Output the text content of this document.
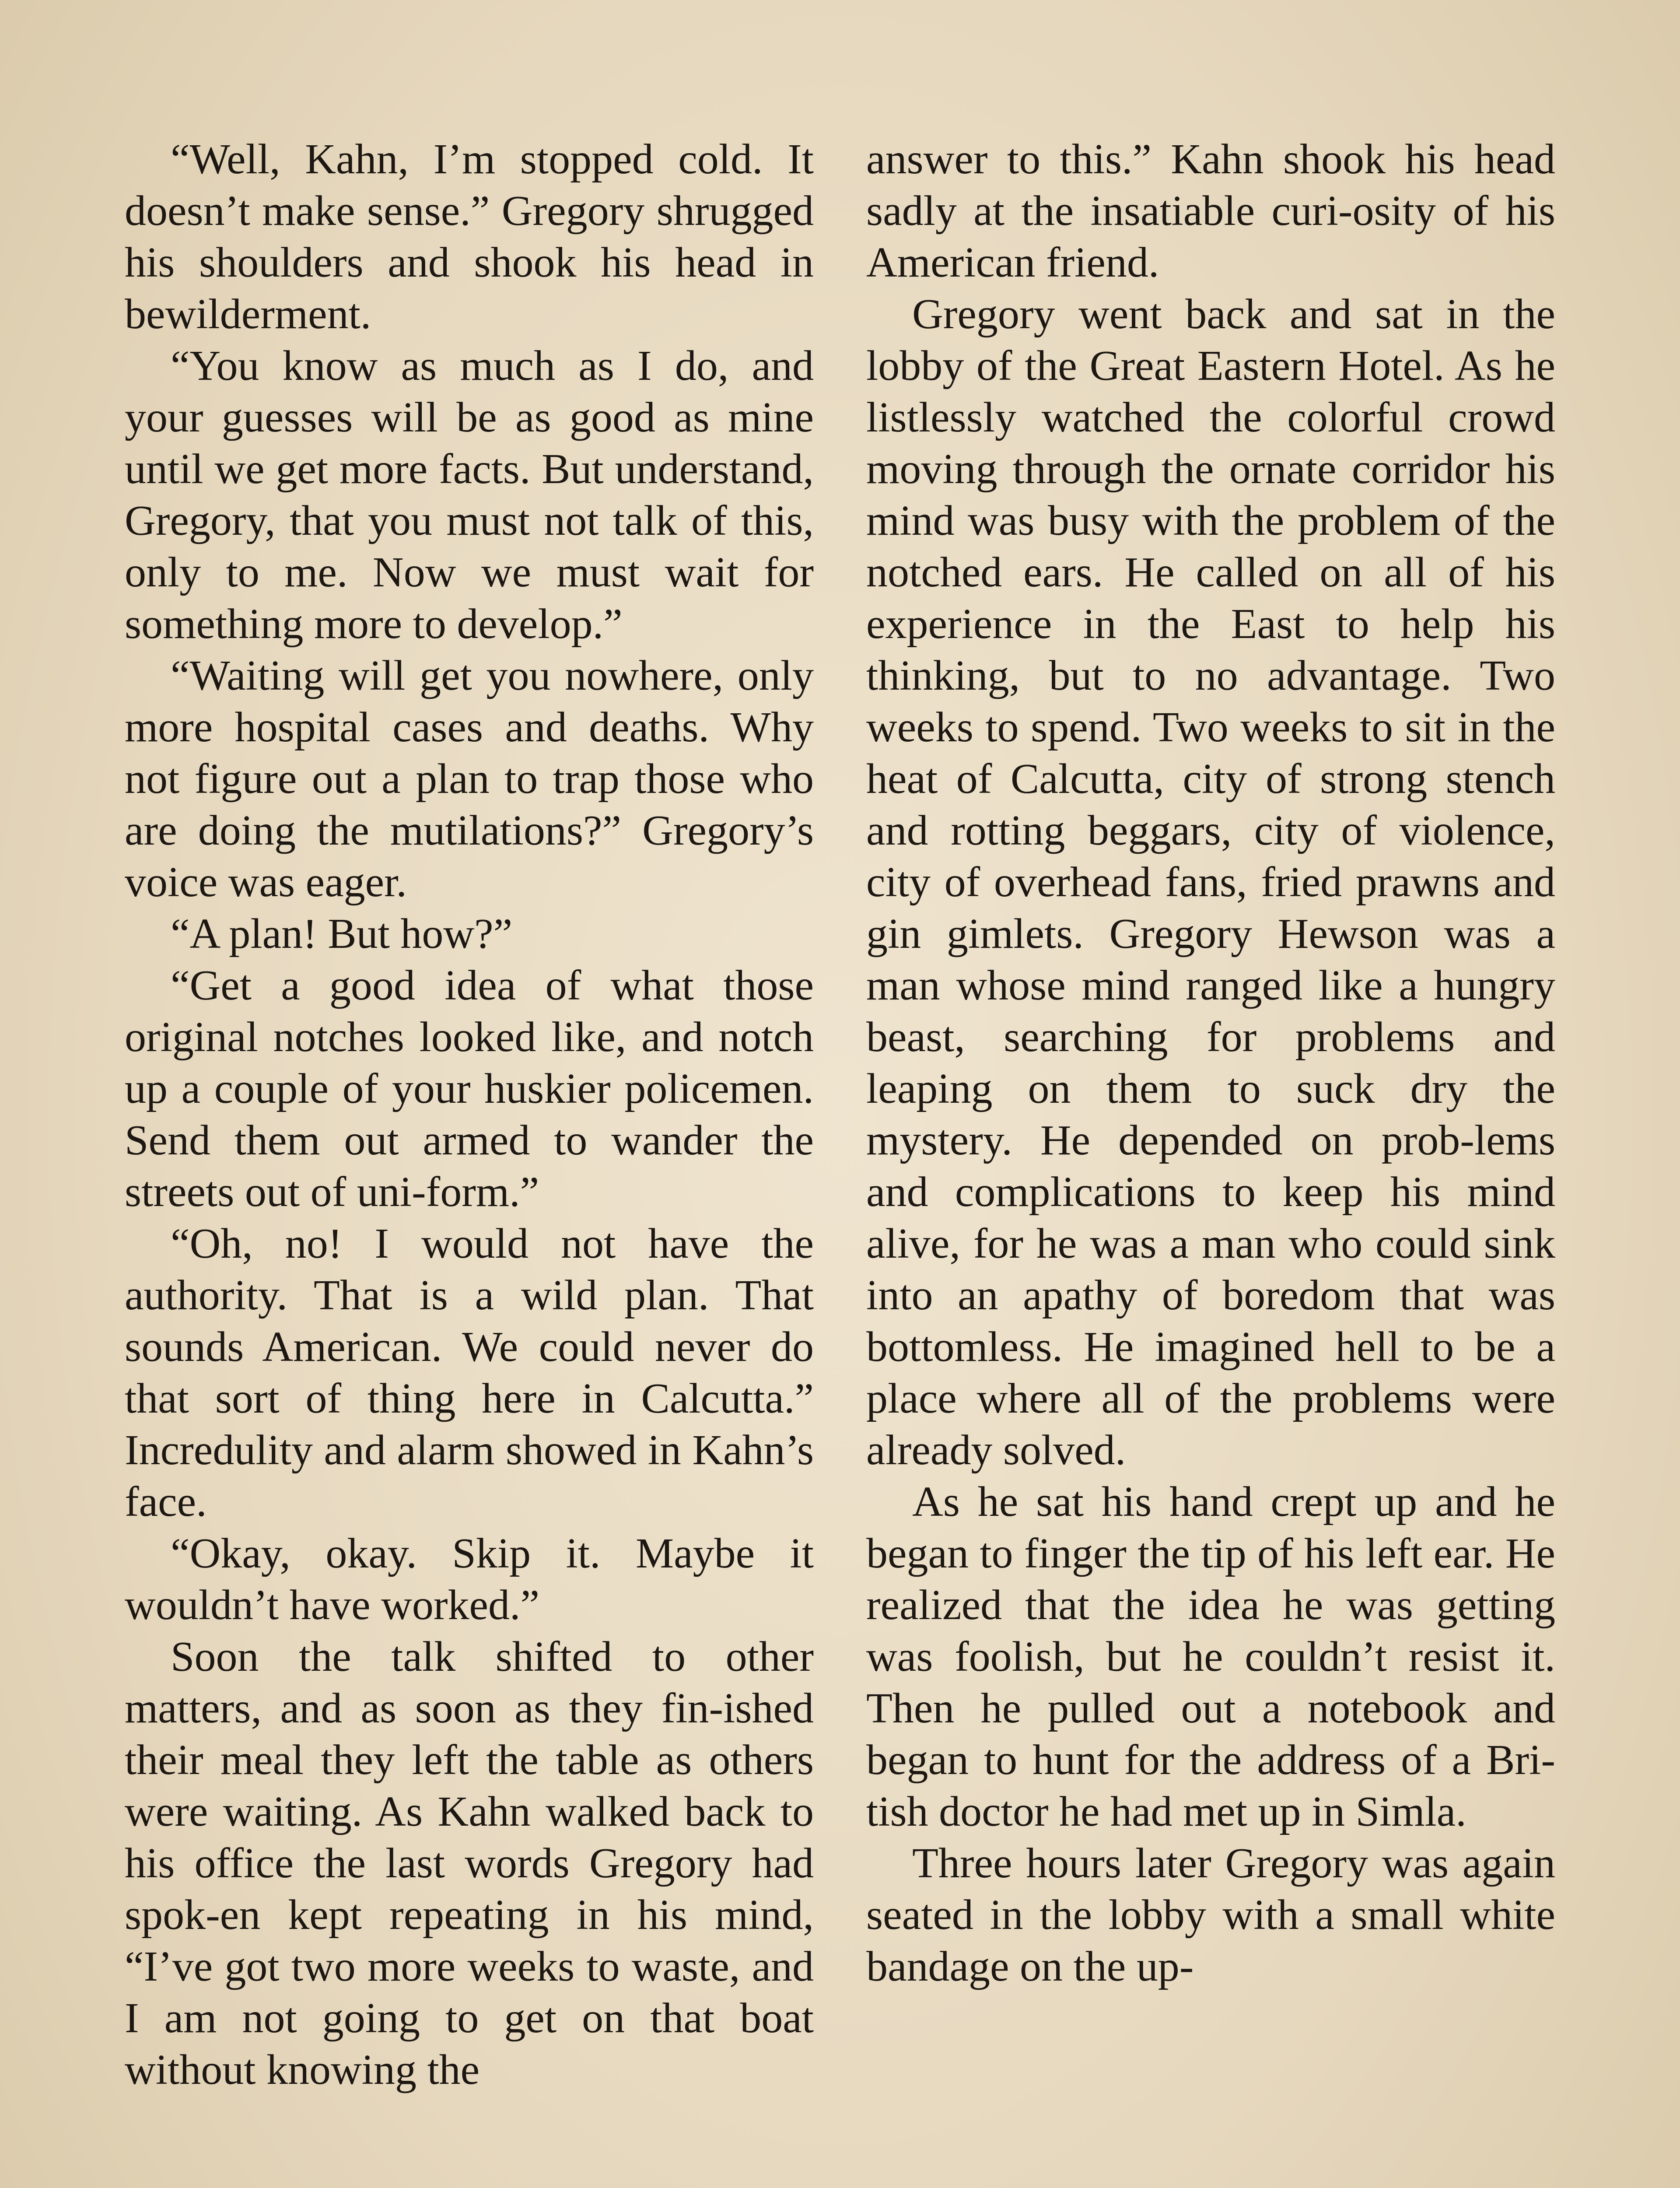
“Well, Kahn, I’m stopped cold. It doesn’t make sense.” Gregory shrugged his shoulders and shook his head in bewilderment.

“You know as much as I do, and your guesses will be as good as mine until we get more facts. But understand, Gregory, that you must not talk of this, only to me. Now we must wait for something more to develop.”

“Waiting will get you nowhere, only more hospital cases and deaths. Why not figure out a plan to trap those who are doing the mutilations?” Gregory’s voice was eager.

“A plan! But how?”

“Get a good idea of what those original notches looked like, and notch up a couple of your huskier policemen. Send them out armed to wander the streets out of uni-form.”

“Oh, no! I would not have the authority. That is a wild plan. That sounds American. We could never do that sort of thing here in Calcutta.” Incredulity and alarm showed in Kahn’s face.

“Okay, okay. Skip it. Maybe it wouldn’t have worked.”

Soon the talk shifted to other matters, and as soon as they fin-ished their meal they left the table as others were waiting. As Kahn walked back to his office the last words Gregory had spok-en kept repeating in his mind, “I’ve got two more weeks to waste, and I am not going to get on that boat without knowing the

answer to this.” Kahn shook his head sadly at the insatiable curi-osity of his American friend.

Gregory went back and sat in the lobby of the Great Eastern Hotel. As he listlessly watched the colorful crowd moving through the ornate corridor his mind was busy with the problem of the notched ears. He called on all of his experience in the East to help his thinking, but to no advantage. Two weeks to spend. Two weeks to sit in the heat of Calcutta, city of strong stench and rotting beggars, city of violence, city of overhead fans, fried prawns and gin gimlets. Gregory Hewson was a man whose mind ranged like a hungry beast, searching for problems and leaping on them to suck dry the mystery. He depended on prob-lems and complications to keep his mind alive, for he was a man who could sink into an apathy of boredom that was bottomless. He imagined hell to be a place where all of the problems were already solved.

As he sat his hand crept up and he began to finger the tip of his left ear. He realized that the idea he was getting was foolish, but he couldn’t resist it. Then he pulled out a notebook and began to hunt for the address of a Bri-tish doctor he had met up in Simla.

Three hours later Gregory was again seated in the lobby with a small white bandage on the up-
